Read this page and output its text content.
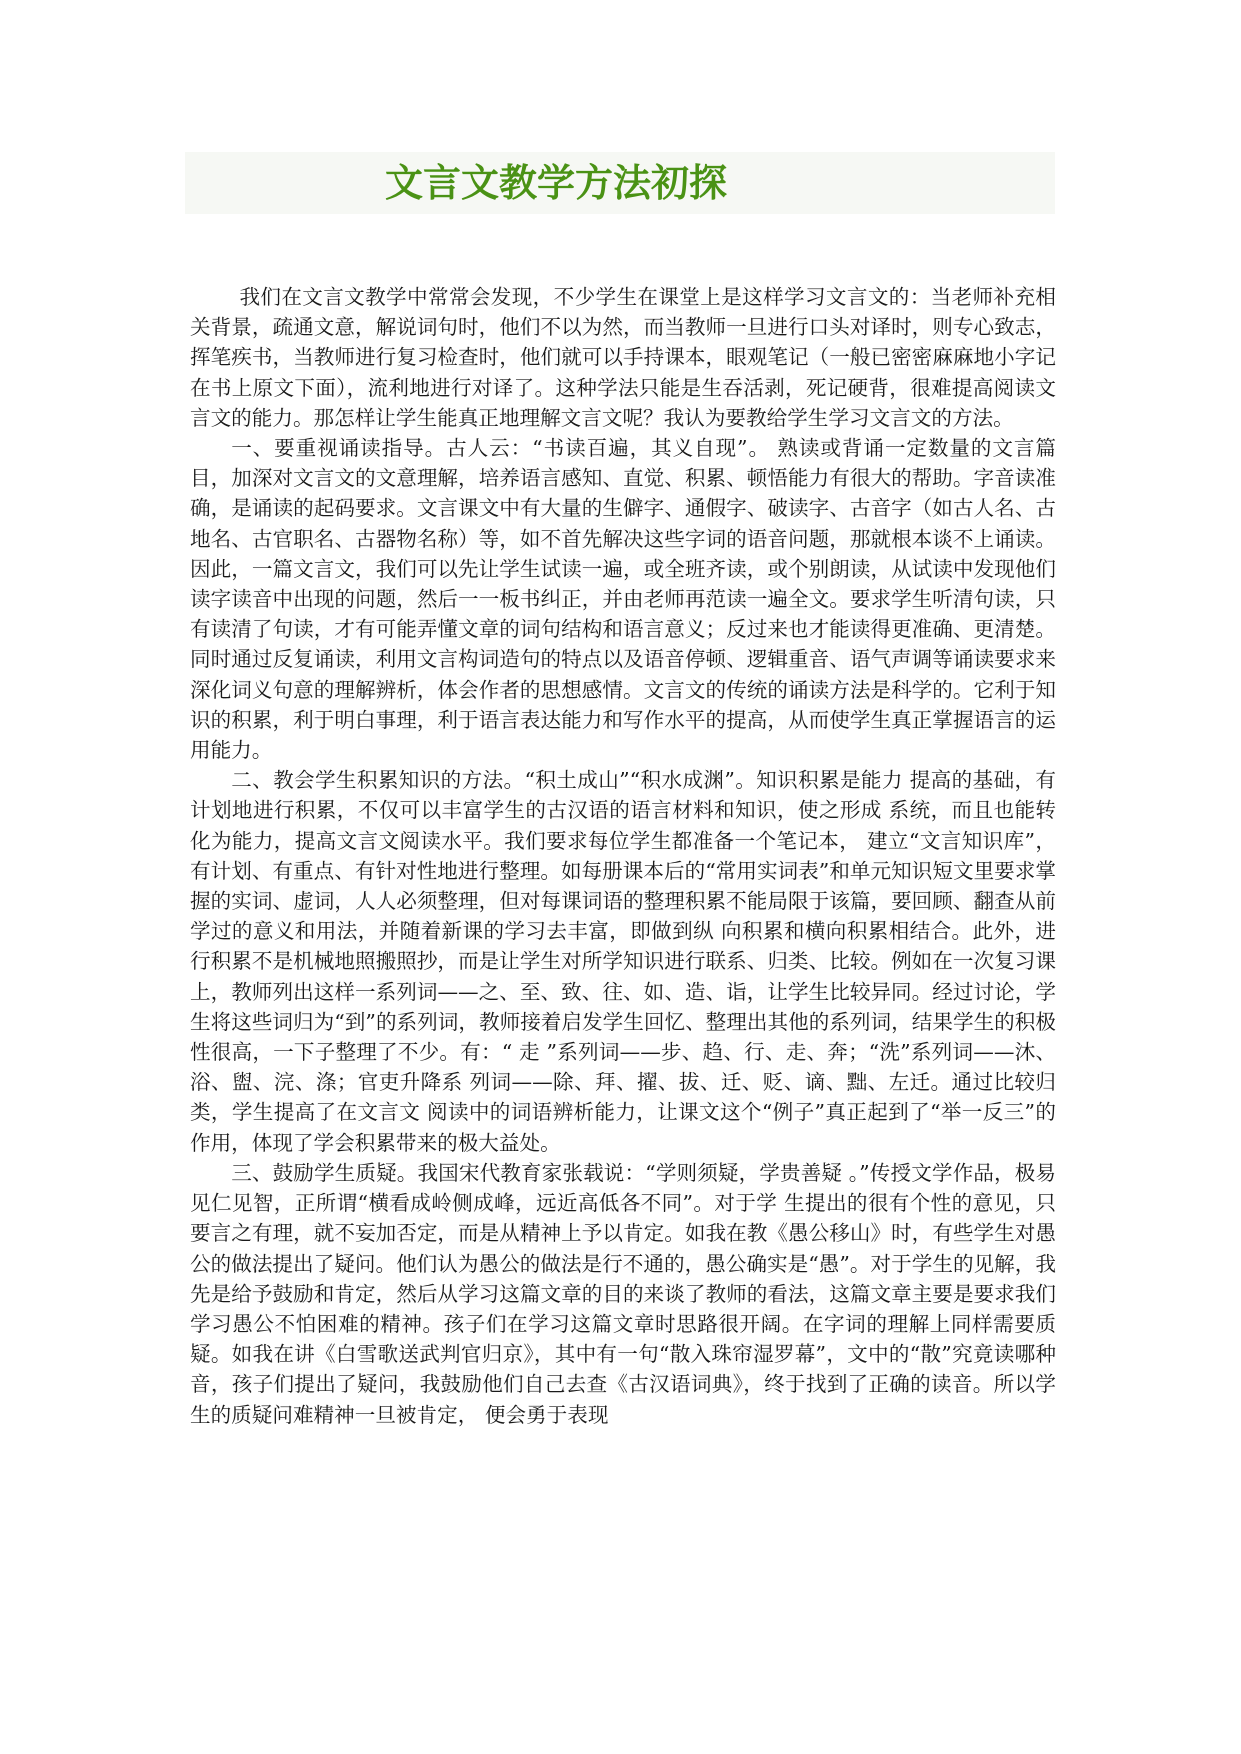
文言文教学方法初探

我们在文言文教学中常常会发现，不少学生在课堂上是这样学习文言文的：当老师补充相关背景，疏通文意，解说词句时，他们不以为然，而当教师一旦进行口头对译时，则专心致志，挥笔疾书，当教师进行复习检查时，他们就可以手持课本，眼观笔记（一般已密密麻麻地小字记在书上原文下面），流利地进行对译了。这种学法只能是生吞活剥，死记硬背，很难提高阅读文言文的能力。那怎样让学生能真正地理解文言文呢？我认为要教给学生学习文言文的方法。

一、要重视诵读指导。古人云：“书读百遍，其义自现”。 熟读或背诵一定数量的文言篇目，加深对文言文的文意理解，培养语言感知、直觉、积累、顿悟能力有很大的帮助。字音读准确，是诵读的起码要求。文言课文中有大量的生僻字、通假字、破读字、古音字（如古人名、古地名、古官职名、古器物名称）等，如不首先解决这些字词的语音问题，那就根本谈不上诵读。因此，一篇文言文，我们可以先让学生试读一遍，或全班齐读，或个别朗读，从试读中发现他们读字读音中出现的问题，然后一一板书纠正，并由老师再范读一遍全文。要求学生听清句读，只有读清了句读，才有可能弄懂文章的词句结构和语言意义；反过来也才能读得更准确、更清楚。同时通过反复诵读，利用文言构词造句的特点以及语音停顿、逻辑重音、语气声调等诵读要求来深化词义句意的理解辨析，体会作者的思想感情。文言文的传统的诵读方法是科学的。它利于知识的积累，利于明白事理，利于语言表达能力和写作水平的提高，从而使学生真正掌握语言的运用能力。

二、教会学生积累知识的方法。“积土成山”“积水成渊”。知识积累是能力 提高的基础，有计划地进行积累，不仅可以丰富学生的古汉语的语言材料和知识，使之形成 系统，而且也能转化为能力，提高文言文阅读水平。我们要求每位学生都准备一个笔记本， 建立“文言知识库”，有计划、有重点、有针对性地进行整理。如每册课本后的“常用实词表”和单元知识短文里要求掌握的实词、虚词，人人必须整理，但对每课词语的整理积累不能局限于该篇，要回顾、翻查从前学过的意义和用法，并随着新课的学习去丰富，即做到纵 向积累和横向积累相结合。此外，进行积累不是机械地照搬照抄，而是让学生对所学知识进行联系、归类、比较。例如在一次复习课上，教师列出这样一系列词——之、至、致、往、如、造、诣，让学生比较异同。经过讨论，学生将这些词归为“到”的系列词，教师接着启发学生回忆、整理出其他的系列词，结果学生的积极性很高，一下子整理了不少。有：“ 走 ”系列词——步、趋、行、走、奔；“洗”系列词——沐、浴、盥、浣、涤；官吏升降系 列词——除、拜、擢、拔、迁、贬、谪、黜、左迁。通过比较归类，学生提高了在文言文 阅读中的词语辨析能力，让课文这个“例子”真正起到了“举一反三”的作用，体现了学会积累带来的极大益处。

三、鼓励学生质疑。我国宋代教育家张载说：“学则须疑，学贵善疑 。”传授文学作品，极易见仁见智，正所谓“横看成岭侧成峰，远近高低各不同”。对于学 生提出的很有个性的意见，只要言之有理，就不妄加否定，而是从精神上予以肯定。如我在教《愚公移山》时，有些学生对愚公的做法提出了疑问。他们认为愚公的做法是行不通的，愚公确实是“愚”。对于学生的见解，我先是给予鼓励和肯定，然后从学习这篇文章的目的来谈了教师的看法，这篇文章主要是要求我们学习愚公不怕困难的精神。孩子们在学习这篇文章时思路很开阔。在字词的理解上同样需要质疑。如我在讲《白雪歌送武判官归京》，其中有一句“散入珠帘湿罗幕”，文中的“散”究竟读哪种音，孩子们提出了疑问，我鼓励他们自己去查《古汉语词典》，终于找到了正确的读音。所以学生的质疑问难精神一旦被肯定， 便会勇于表现
